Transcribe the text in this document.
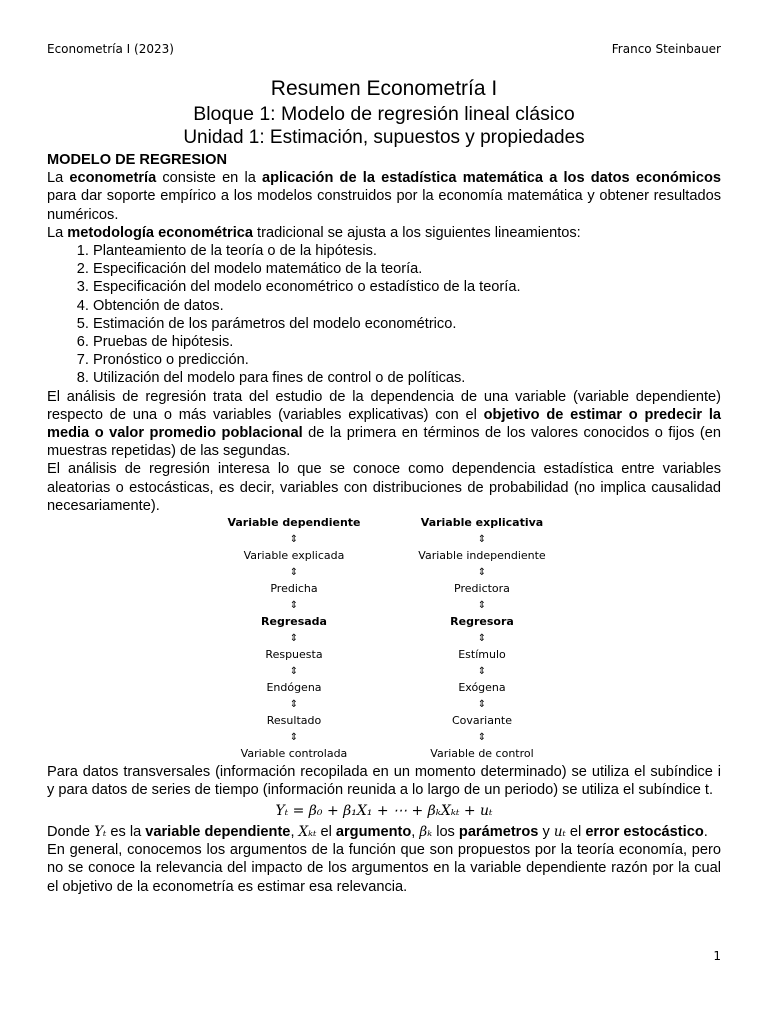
Econometría I (2023)	Franco Steinbauer
Resumen Econometría I
Bloque 1: Modelo de regresión lineal clásico
Unidad 1: Estimación, supuestos y propiedades

MODELO DE REGRESION

La econometría consiste en la aplicación de la estadística matemática a los datos económicos para dar soporte empírico a los modelos construidos por la economía matemática y obtener resultados numéricos.

La metodología econométrica tradicional se ajusta a los siguientes lineamientos:

1. Planteamiento de la teoría o de la hipótesis.
2. Especificación del modelo matemático de la teoría.
3. Especificación del modelo econométrico o estadístico de la teoría.
4. Obtención de datos.
5. Estimación de los parámetros del modelo econométrico.
6. Pruebas de hipótesis.
7. Pronóstico o predicción.
8. Utilización del modelo para fines de control o de políticas.

El análisis de regresión trata del estudio de la dependencia de una variable (variable dependiente) respecto de una o más variables (variables explicativas) con el objetivo de estimar o predecir la media o valor promedio poblacional de la primera en términos de los valores conocidos o fijos (en muestras repetidas) de las segundas.

El análisis de regresión interesa lo que se conoce como dependencia estadística entre variables aleatorias o estocásticas, es decir, variables con distribuciones de probabilidad (no implica causalidad necesariamente).

Variable dependiente
⇕
Variable explicada
⇕
Predicha
⇕
Regresada
⇕
Respuesta
⇕
Endógena
⇕
Resultado
⇕
Variable controlada
Variable explicativa
⇕
Variable independiente
⇕
Predictora
⇕
Regresora
⇕
Estímulo
⇕
Exógena
⇕
Covariante
⇕
Variable de control

Para datos transversales (información recopilada en un momento determinado) se utiliza el subíndice i y para datos de series de tiempo (información reunida a lo largo de un periodo) se utiliza el subíndice t.

Yₜ = β₀ + β₁X₁ + ⋯ + βₖXₖₜ + uₜ

Donde Yₜ es la variable dependiente, Xₖₜ el argumento, βₖ los parámetros y uₜ el error estocástico.

En general, conocemos los argumentos de la función que son propuestos por la teoría economía, pero no se conoce la relevancia del impacto de los argumentos en la variable dependiente razón por la cual el objetivo de la econometría es estimar esa relevancia.

1
